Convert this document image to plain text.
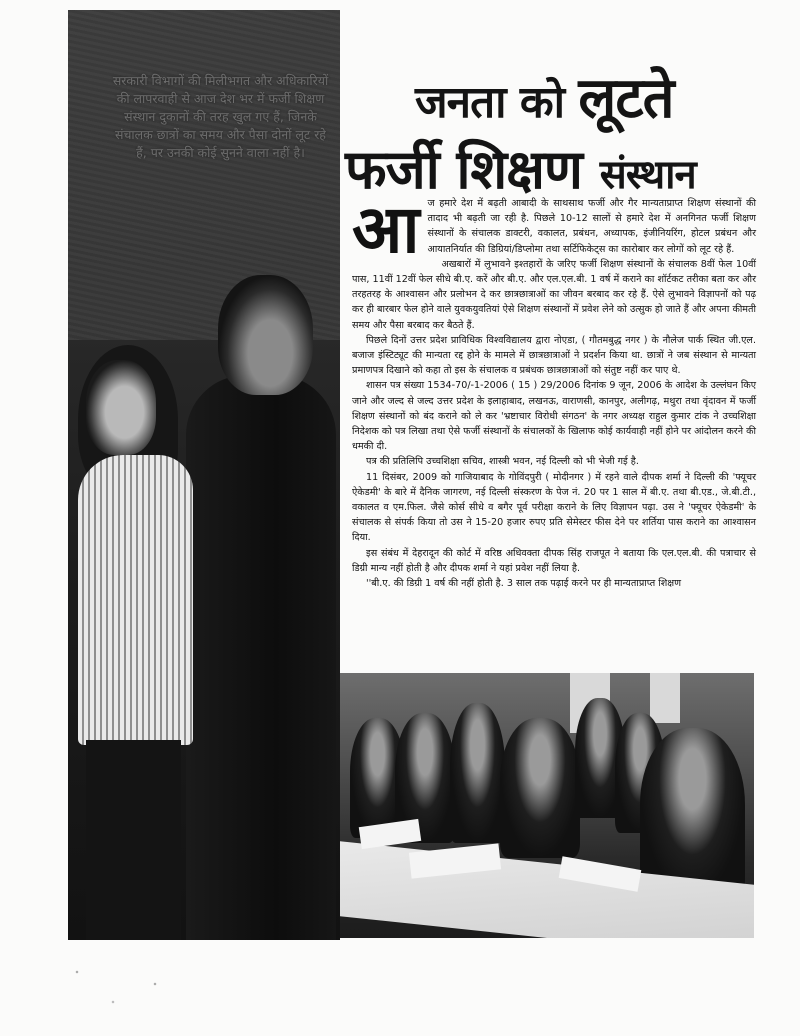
सरकारी विभागों की मिलीभगत और अधिकारियों की लापरवाही से आज देश भर में फर्जी शिक्षण संस्थान दुकानों की तरह खुल गए हैं, जिनके संचालक छात्रों का समय और पैसा दोनों लूट रहे हैं, पर उनकी कोई सुनने वाला नहीं है।
जनता को लूटते
फर्जी शिक्षण संस्थान
आ ज हमारे देश में बढ़ती आबादी के साथसाथ फर्जी और गैर मान्यताप्राप्त शिक्षण संस्थानों की तादाद भी बढ़ती जा रही है. पिछले 10-12 सालों से हमारे देश में अनगिनत फर्जी शिक्षण संस्थानों के संचालक डाक्टरी, वकालत, प्रबंधन, अध्यापक, इंजीनियरिंग, होटल प्रबंधन और आयातनिर्यात की डिग्रियां/डिप्लोमा तथा सर्टिफिकेट्स का कारोबार कर लोगों को लूट रहे हैं.

अखबारों में लुभावने इश्तहारों के जरिए फर्जी शिक्षण संस्थानों के संचालक 8वीं फेल 10वीं पास, 11वीं 12वीं फेल सीधे बी.ए. करें और बी.ए. और एल.एल.बी. 1 वर्ष में कराने का शॉर्टकट तरीका बता कर और तरहतरह के आश्वासन और प्रलोभन दे कर छात्रछात्राओं का जीवन बरबाद कर रहे हैं. ऐसे लुभावने विज्ञापनों को पढ़ कर ही बारबार फेल होने वाले युवकयुवतियां ऐसे शिक्षण संस्थानों में प्रवेश लेने को उत्सुक हो जाते हैं और अपना कीमती समय और पैसा बरबाद कर बैठते हैं.

पिछले दिनों उत्तर प्रदेश प्राविधिक विश्वविद्यालय द्वारा नोएडा, ( गौतमबुद्ध नगर ) के नौलेज पार्क स्थित जी.एल. बजाज इंस्टिट्यूट की मान्यता रद्द होने के मामले में छात्रछात्राओं ने प्रदर्शन किया था. छात्रों ने जब संस्थान से मान्यता प्रमाणपत्र दिखाने को कहा तो इस के संचालक व प्रबंधक छात्रछात्राओं को संतुष्ट नहीं कर पाए थे.

शासन पत्र संख्या 1534-70/-1-2006 ( 15 ) 29/2006 दिनांक 9 जून, 2006 के आदेश के उल्लंघन किए जाने और जल्द से जल्द उत्तर प्रदेश के इलाहाबाद, लखनऊ, वाराणसी, कानपुर, अलीगढ़, मथुरा तथा वृंदावन में फर्जी शिक्षण संस्थानों को बंद कराने को ले कर 'भ्रष्टाचार विरोधी संगठन' के नगर अध्यक्ष राहुल कुमार टांक ने उच्चशिक्षा निदेशक को पत्र लिखा तथा ऐसे फर्जी संस्थानों के संचालकों के खिलाफ कोई कार्यवाही नहीं होने पर आंदोलन करने की धमकी दी.

पत्र की प्रतिलिपि उच्चशिक्षा सचिव, शास्त्री भवन, नई दिल्ली को भी भेजी गई है.

11 दिसंबर, 2009 को गाजियाबाद के गोविंदपुरी ( मोदीनगर ) में रहने वाले दीपक शर्मा ने दिल्ली की 'फ्यूचर ऐकेडमी' के बारे में दैनिक जागरण, नई दिल्ली संस्करण के पेज नं. 20 पर 1 साल में बी.ए. तथा बी.एड., जे.बी.टी., वकालत व एम.फिल. जैसे कोर्स सीधे व बगैर पूर्व परीक्षा कराने के लिए विज्ञापन पढ़ा. उस ने 'फ्यूचर ऐकेडमी' के संचालक से संपर्क किया तो उस ने 15-20 हजार रुपए प्रति सेमेस्टर फीस देने पर शर्तिया पास कराने का आश्वासन दिया.

इस संबंध में देहरादून की कोर्ट में वरिष्ठ अधिवक्ता दीपक सिंह राजपूत ने बताया कि एल.एल.बी. की पत्राचार से डिग्री मान्य नहीं होती है और दीपक शर्मा ने यहां प्रवेश नहीं लिया है.

''बी.ए. की डिग्री 1 वर्ष की नहीं होती है. 3 साल तक पढ़ाई करने पर ही मान्यताप्राप्त शिक्षण
